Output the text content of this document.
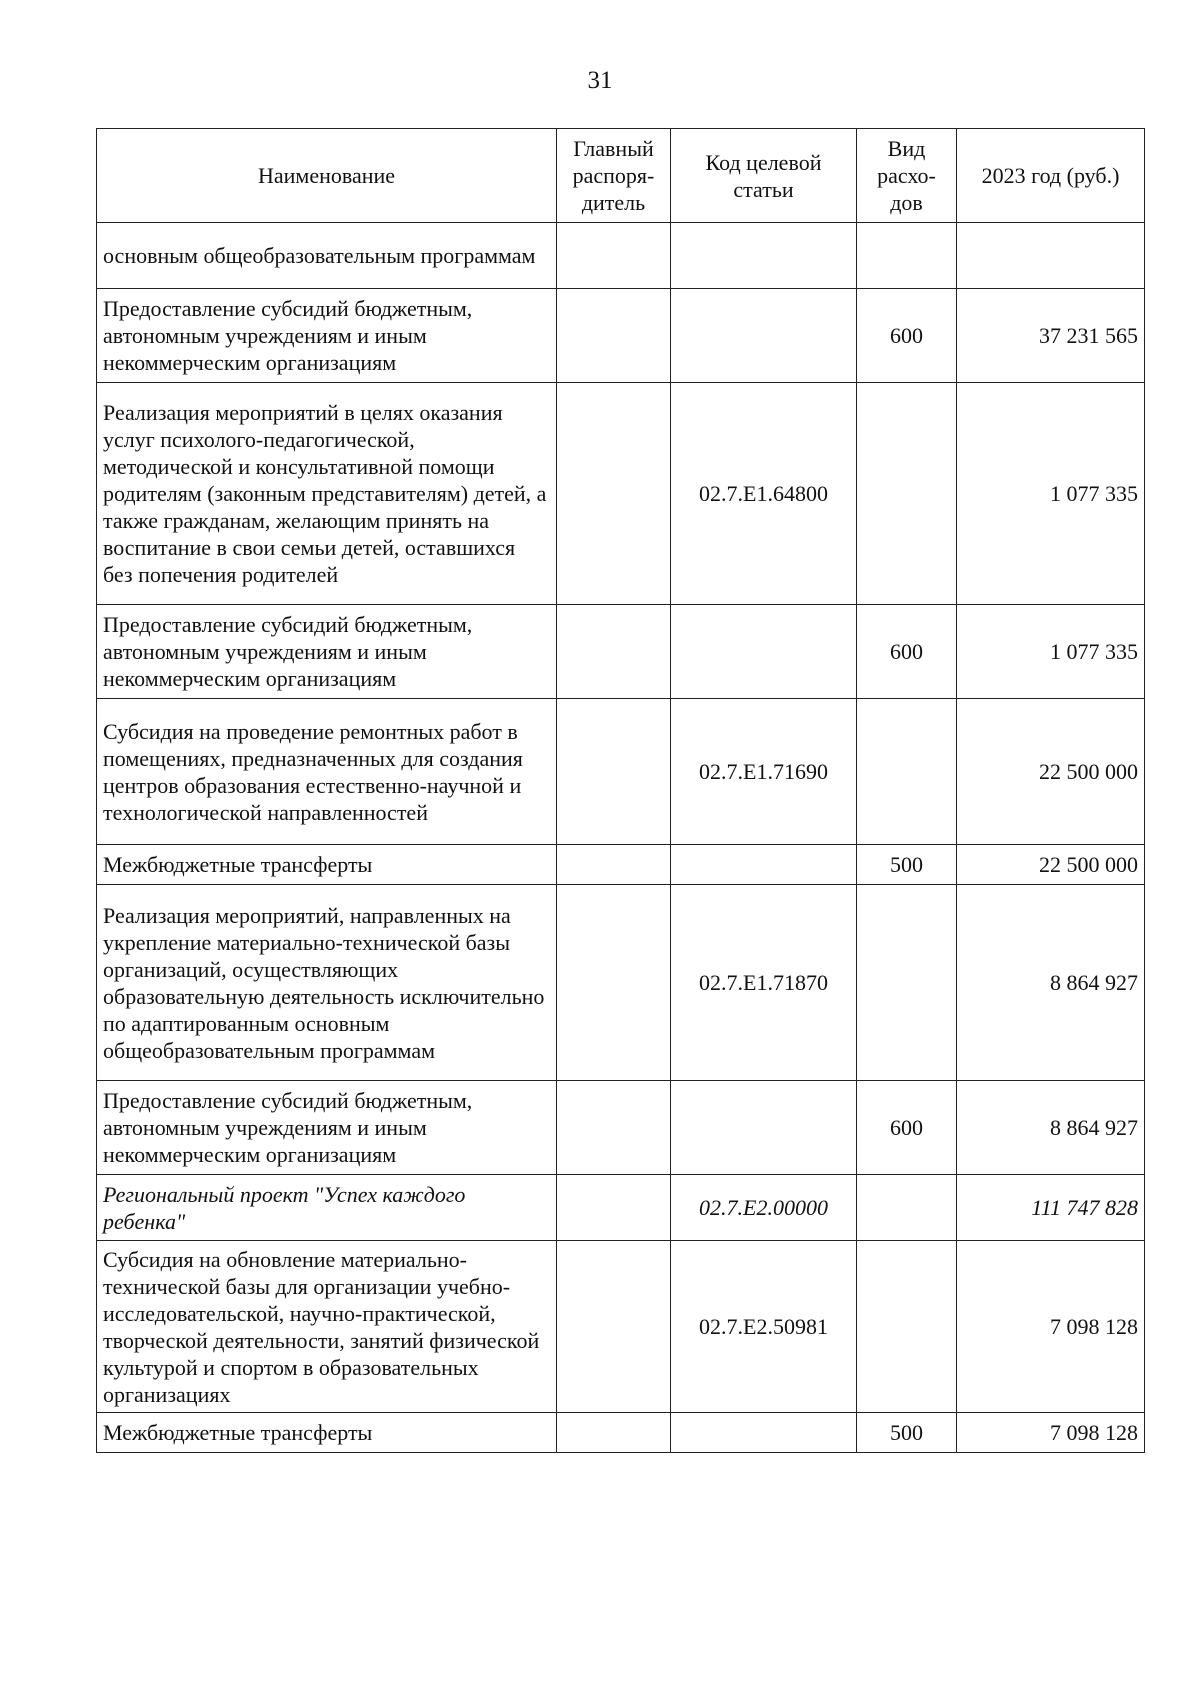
31
Наименование	Главный распоря-дитель	Код целевой статьи	Вид расхо-дов	2023 год (руб.)
основным общеобразовательным программам				
Предоставление субсидий бюджетным, автономным учреждениям и иным некоммерческим организациям			600	37 231 565
Реализация мероприятий в целях оказания услуг психолого-педагогической, методической и консультативной помощи родителям (законным представителям) детей, а также гражданам, желающим принять на воспитание в свои семьи детей, оставшихся без попечения родителей		02.7.E1.64800		1 077 335
Предоставление субсидий бюджетным, автономным учреждениям и иным некоммерческим организациям			600	1 077 335
Субсидия на проведение ремонтных работ в помещениях, предназначенных для создания центров образования естественно-научной и технологической направленностей		02.7.E1.71690		22 500 000
Межбюджетные трансферты			500	22 500 000
Реализация мероприятий, направленных на укрепление материально-технической базы организаций, осуществляющих образовательную деятельность исключительно по адаптированным основным общеобразовательным программам		02.7.E1.71870		8 864 927
Предоставление субсидий бюджетным, автономным учреждениям и иным некоммерческим организациям			600	8 864 927
Региональный проект "Успех каждого ребенка"		02.7.E2.00000		111 747 828
Субсидия на обновление материально-технической базы для организации учебно-исследовательской, научно-практической, творческой деятельности, занятий физической культурой и спортом в образовательных организациях		02.7.E2.50981		7 098 128
Межбюджетные трансферты			500	7 098 128
